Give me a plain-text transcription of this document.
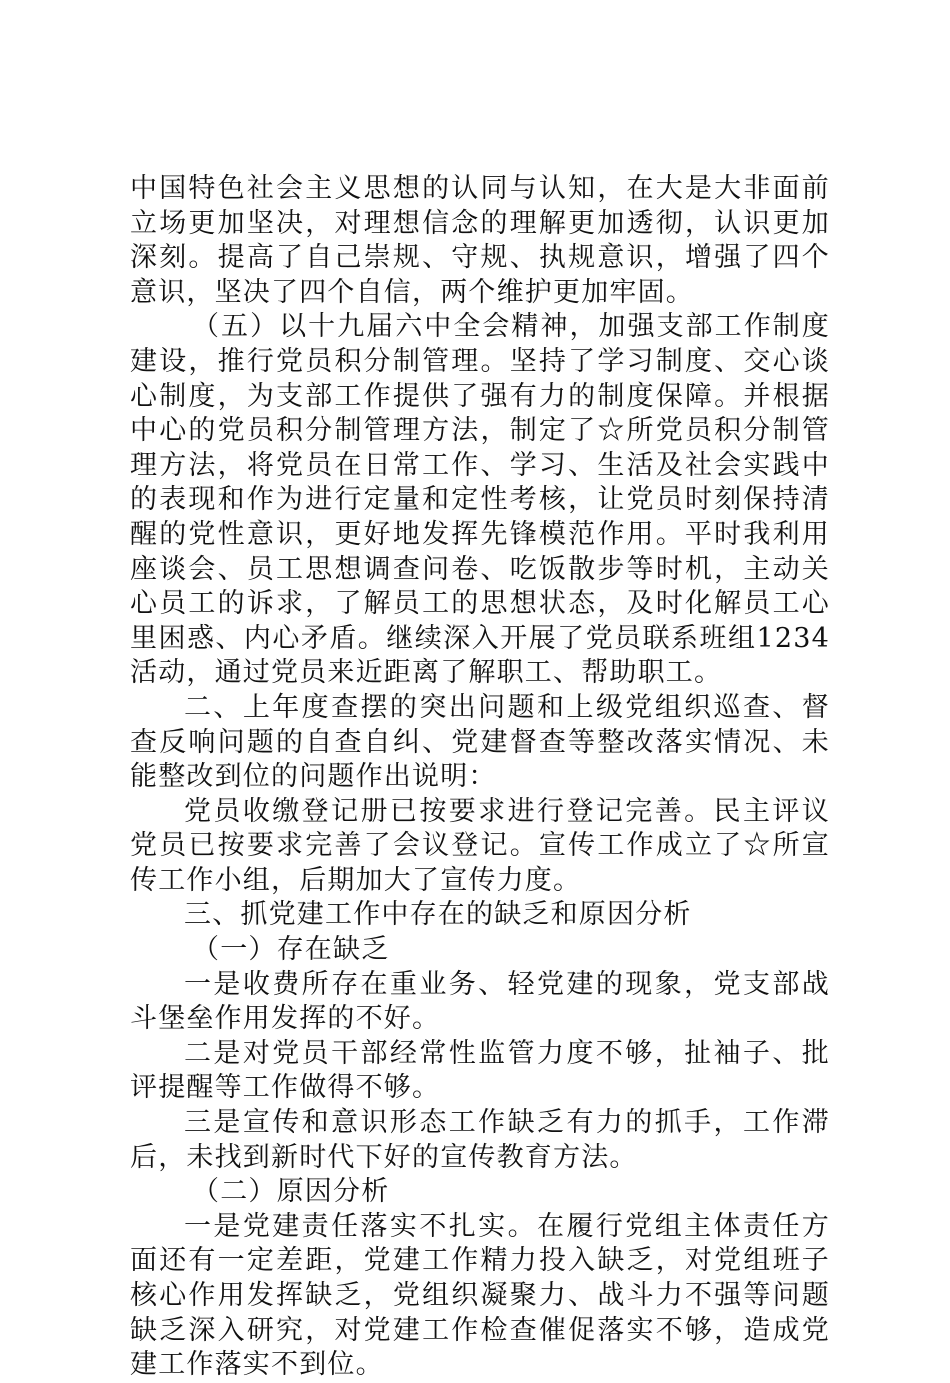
中国特色社会主义思想的认同与认知，在大是大非面前立场更加坚决，对理想信念的理解更加透彻，认识更加深刻。提高了自己崇规、守规、执规意识，增强了四个意识，坚决了四个自信，两个维护更加牢固。

（五）以十九届六中全会精神，加强支部工作制度建设，推行党员积分制管理。坚持了学习制度、交心谈心制度，为支部工作提供了强有力的制度保障。并根据中心的党员积分制管理方法，制定了☆所党员积分制管理方法，将党员在日常工作、学习、生活及社会实践中的表现和作为进行定量和定性考核，让党员时刻保持清醒的党性意识，更好地发挥先锋模范作用。平时我利用座谈会、员工思想调查问卷、吃饭散步等时机，主动关心员工的诉求，了解员工的思想状态，及时化解员工心里困惑、内心矛盾。继续深入开展了党员联系班组1234活动，通过党员来近距离了解职工、帮助职工。

二、上年度查摆的突出问题和上级党组织巡查、督查反响问题的自查自纠、党建督查等整改落实情况、未能整改到位的问题作出说明：

党员收缴登记册已按要求进行登记完善。民主评议党员已按要求完善了会议登记。宣传工作成立了☆所宣传工作小组，后期加大了宣传力度。

三、抓党建工作中存在的缺乏和原因分析

（一）存在缺乏

一是收费所存在重业务、轻党建的现象，党支部战斗堡垒作用发挥的不好。

二是对党员干部经常性监管力度不够，扯袖子、批评提醒等工作做得不够。

三是宣传和意识形态工作缺乏有力的抓手，工作滞后，未找到新时代下好的宣传教育方法。

（二）原因分析

一是党建责任落实不扎实。在履行党组主体责任方面还有一定差距，党建工作精力投入缺乏，对党组班子核心作用发挥缺乏，党组织凝聚力、战斗力不强等问题缺乏深入研究，对党建工作检查催促落实不够，造成党建工作落实不到位。
